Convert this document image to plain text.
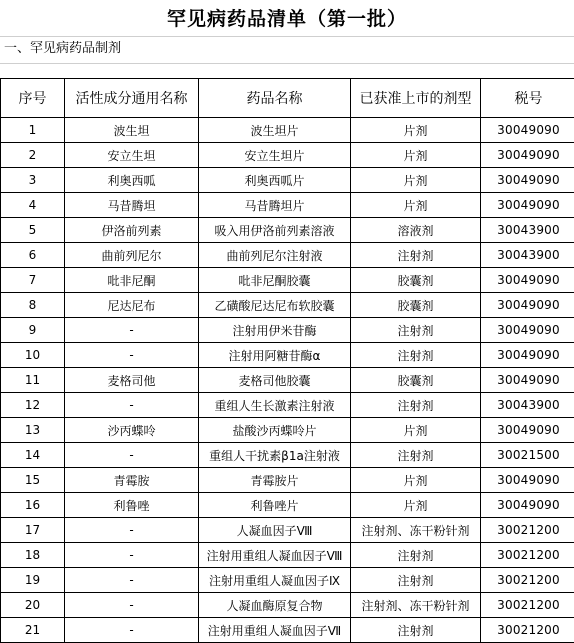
罕见病药品清单（第一批）
一、罕见病药品制剂
序号	活性成分通用名称	药品名称	已获准上市的剂型	税号
1	波生坦	波生坦片	片剂	30049090
2	安立生坦	安立生坦片	片剂	30049090
3	利奥西呱	利奥西呱片	片剂	30049090
4	马昔腾坦	马昔腾坦片	片剂	30049090
5	伊洛前列素	吸入用伊洛前列素溶液	溶液剂	30043900
6	曲前列尼尔	曲前列尼尔注射液	注射剂	30043900
7	吡非尼酮	吡非尼酮胶囊	胶囊剂	30049090
8	尼达尼布	乙磺酸尼达尼布软胶囊	胶囊剂	30049090
9	-	注射用伊米苷酶	注射剂	30049090
10	-	注射用阿糖苷酶α	注射剂	30049090
11	麦格司他	麦格司他胶囊	胶囊剂	30049090
12	-	重组人生长激素注射液	注射剂	30043900
13	沙丙蝶呤	盐酸沙丙蝶呤片	片剂	30049090
14	-	重组人干扰素β1a注射液	注射剂	30021500
15	青霉胺	青霉胺片	片剂	30049090
16	利鲁唑	利鲁唑片	片剂	30049090
17	-	人凝血因子Ⅷ	注射剂、冻干粉针剂	30021200
18	-	注射用重组人凝血因子Ⅷ	注射剂	30021200
19	-	注射用重组人凝血因子Ⅸ	注射剂	30021200
20	-	人凝血酶原复合物	注射剂、冻干粉针剂	30021200
21	-	注射用重组人凝血因子Ⅶ	注射剂	30021200
